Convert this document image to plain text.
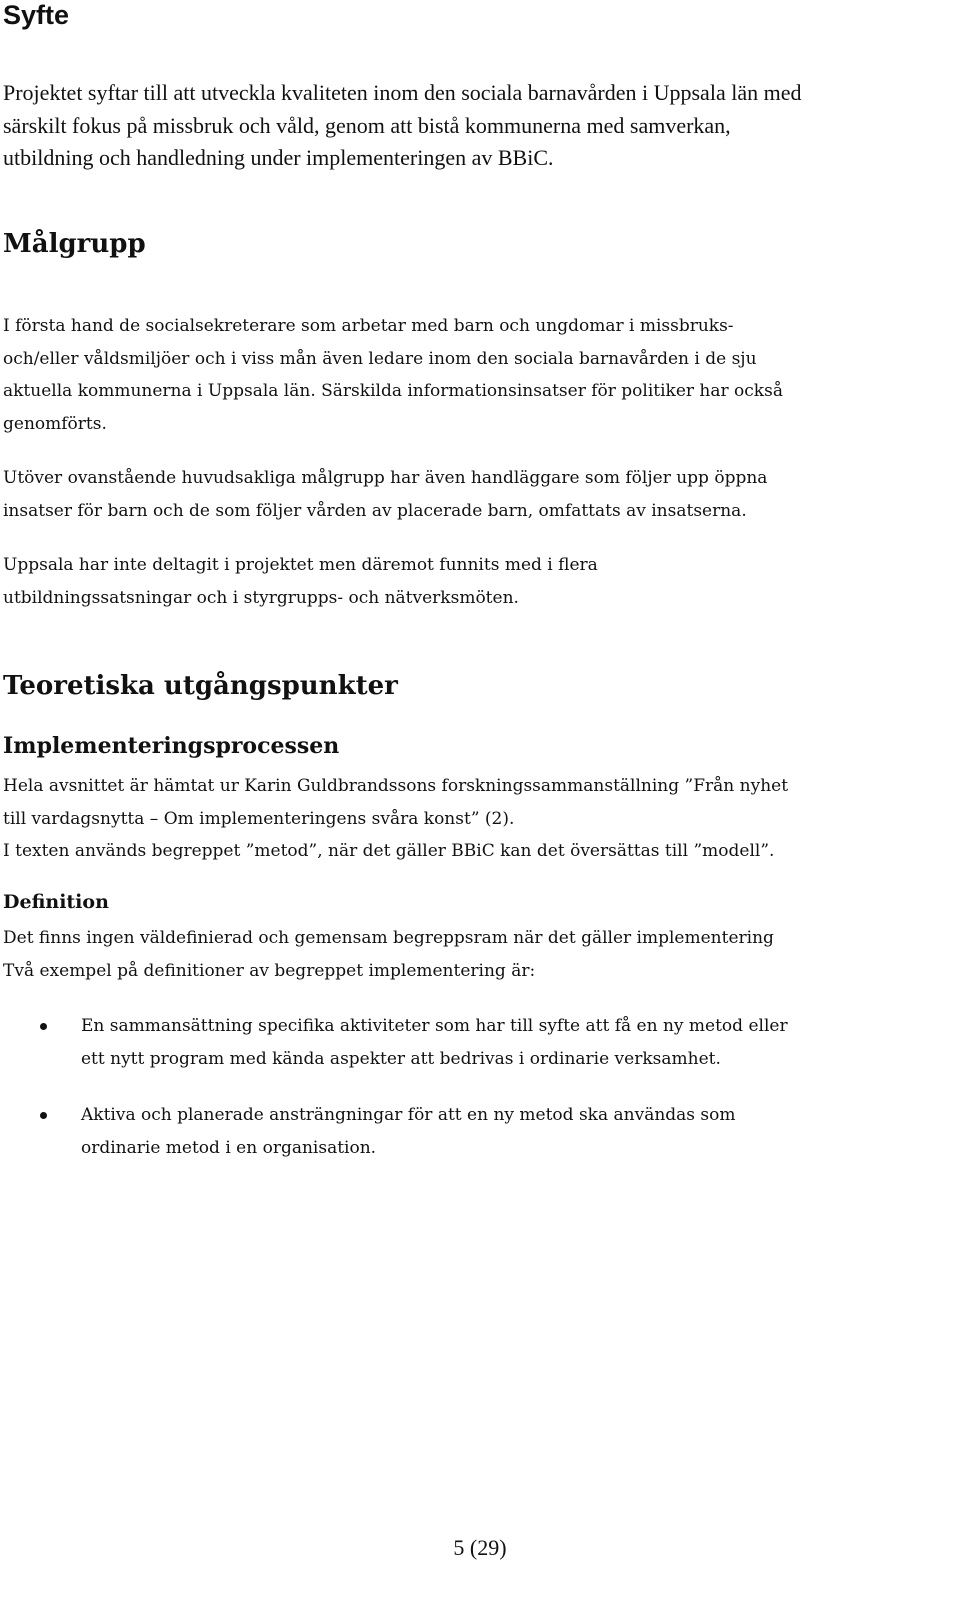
Syfte
Projektet syftar till att utveckla kvaliteten inom den sociala barnavården i Uppsala län med
särskilt fokus på missbruk och våld, genom att bistå kommunerna med samverkan,
utbildning och handledning under implementeringen av BBiC.
Målgrupp
I första hand de socialsekreterare som arbetar med barn och ungdomar i missbruks-
och/eller våldsmiljöer och i viss mån även ledare inom den sociala barnavården i de sju
aktuella kommunerna i Uppsala län. Särskilda informationsinsatser för politiker har också
genomförts.
Utöver ovanstående huvudsakliga målgrupp har även handläggare som följer upp öppna
insatser för barn och de som följer vården av placerade barn, omfattats av insatserna.
Uppsala har inte deltagit i projektet men däremot funnits med i flera
utbildningssatsningar och i styrgrupps- och nätverksmöten.
Teoretiska utgångspunkter
Implementeringsprocessen
Hela avsnittet är hämtat ur Karin Guldbrandssons forskningssammanställning ”Från nyhet
till vardagsnytta – Om implementeringens svåra konst” (2).
I texten används begreppet ”metod”, när det gäller BBiC kan det översättas till ”modell”.
Definition
Det finns ingen väldefinierad och gemensam begreppsram när det gäller implementering
Två exempel på definitioner av begreppet implementering är:
En sammansättning specifika aktiviteter som har till syfte att få en ny metod eller
ett nytt program med kända aspekter att bedrivas i ordinarie verksamhet.
Aktiva och planerade ansträngningar för att en ny metod ska användas som
ordinarie metod i en organisation.
5 (29)
